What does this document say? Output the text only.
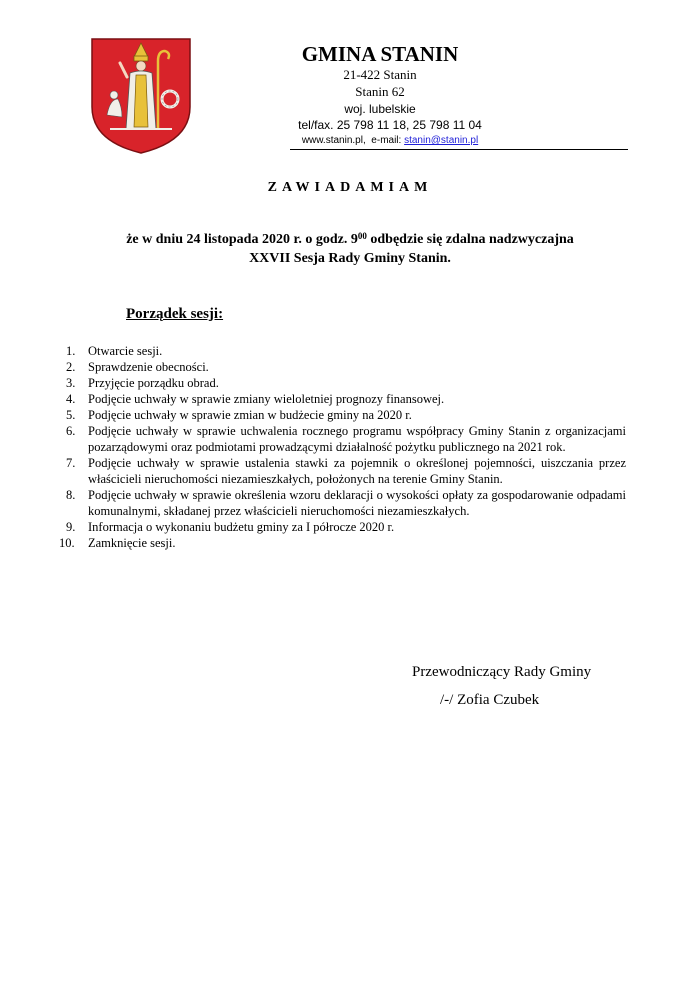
GMINA STANIN
21-422 Stanin
Stanin 62
woj. lubelskie
tel/fax. 25 798 11 18, 25 798 11 04
www.stanin.pl, e-mail: stanin@stanin.pl
ZAWIADAMIAM
że w dniu 24 listopada 2020 r. o godz. $9^{00}$ odbędzie się zdalna nadzwyczajna
XXVII Sesja Rady Gminy Stanin.
Porządek sesji:
1. Otwarcie sesji.
2. Sprawdzenie obecności.
3. Przyjęcie porządku obrad.
4. Podjęcie uchwały w sprawie zmiany wieloletniej prognozy finansowej.
5. Podjęcie uchwały w sprawie zmian w budżecie gminy na 2020 r.
6. Podjęcie uchwały w sprawie uchwalenia rocznego programu współpracy Gminy Stanin z organizacjami pozarządowymi oraz podmiotami prowadzącymi działalność pożytku publicznego na 2021 rok.
7. Podjęcie uchwały w sprawie ustalenia stawki za pojemnik o określonej pojemności, uiszczania przez właścicieli nieruchomości niezamieszkałych, położonych na terenie Gminy Stanin.
8. Podjęcie uchwały w sprawie określenia wzoru deklaracji o wysokości opłaty za gospodarowanie odpadami komunalnymi, składanej przez właścicieli nieruchomości niezamieszkałych.
9. Informacja o wykonaniu budżetu gminy za I półrocze 2020 r.
10. Zamknięcie sesji.
Przewodniczący Rady Gminy
/-/ Zofia Czubek
